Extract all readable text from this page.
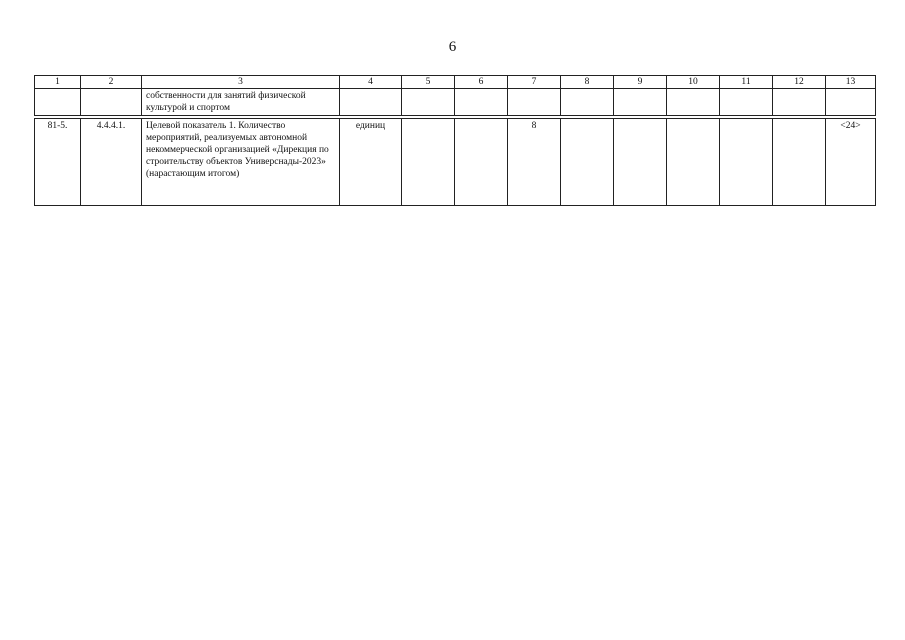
6
1	2	3	4	5	6	7	8	9	10	11	12	13
		собственности для занятий физической культурой и спортом										

81-5.	4.4.4.1.	Целевой показатель 1. Количество мероприятий, реализуемых автономной некоммерческой организацией «Дирекция по строительству объектов Универснады-2023» (нарастающим итогом)	единиц			8						<24>
